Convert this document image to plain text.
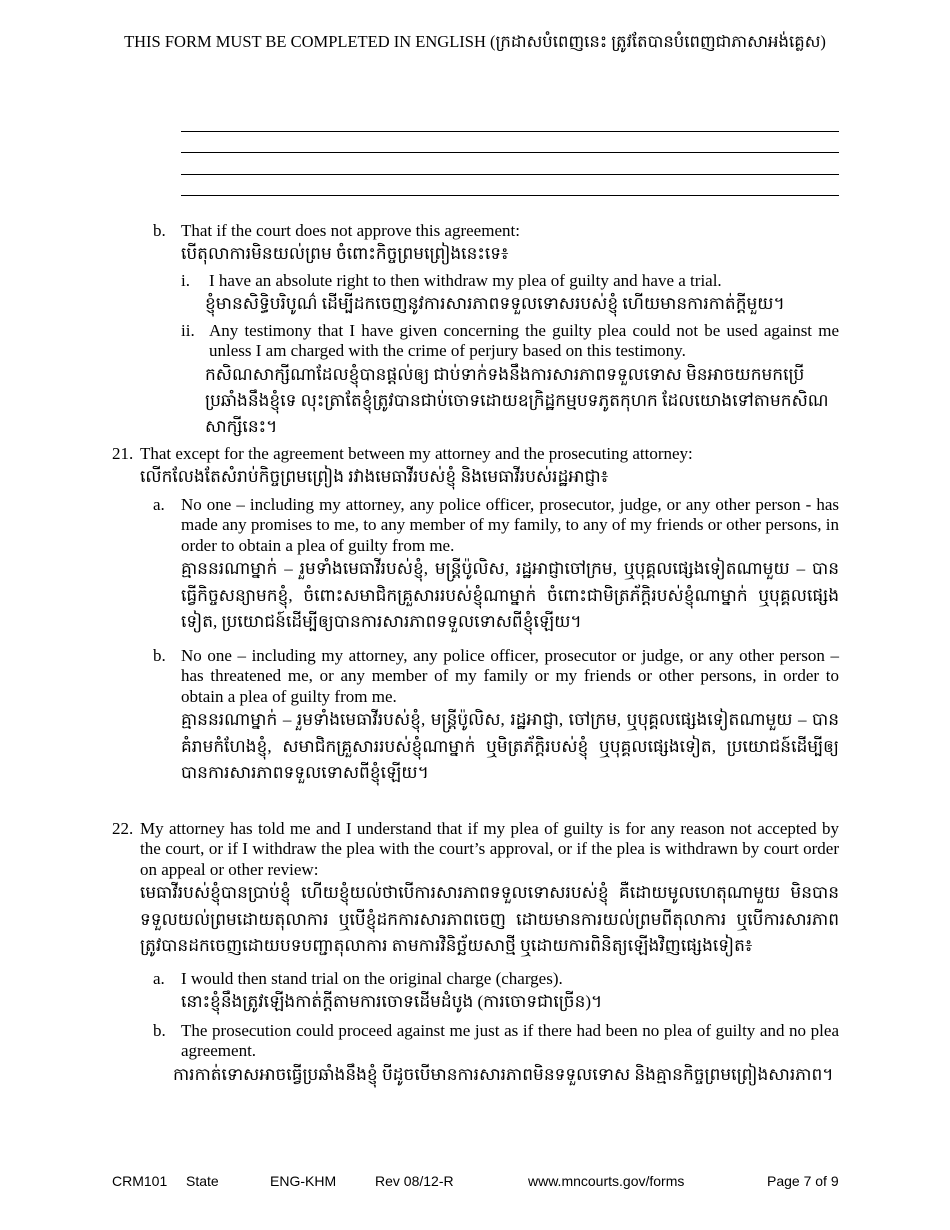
THIS FORM MUST BE COMPLETED IN ENGLISH (ក្រដាសបំពេញនេះ ត្រូវតែបានបំពេញជាភាសាអង់គ្លេស)
b. That if the court does not approve this agreement:
បើតុលាការមិនយល់ព្រម ចំពោះកិច្ចព្រមព្រៀងនេះទេ៖
i. I have an absolute right to then withdraw my plea of guilty and have a trial.
ខ្ញុំមានសិទ្ធិបរិបូណ៌ ដើម្បីដកចេញនូវការសារភាពទទួលទោសរបស់ខ្ញុំ ហើយមានការកាត់ក្តីមួយ។
ii. Any testimony that I have given concerning the guilty plea could not be used against me unless I am charged with the crime of perjury based on this testimony.
កសិណសាក្សីណាដែលខ្ញុំបានផ្តល់ឲ្យ ជាប់ទាក់ទងនឹងការសារភាពទទួលទោស មិនអាចយកមកប្រើប្រឆាំងនឹងខ្ញុំទេ លុះត្រាតែខ្ញុំត្រូវបានជាប់ចោទដោយឧក្រិដ្ឋកម្មបទភូតកុហក ដែលយោងទៅតាមកសិណសាក្សីនេះ។
21. That except for the agreement between my attorney and the prosecuting attorney:
លើកលែងតែសំរាប់កិច្ចព្រមព្រៀង រវាងមេធាវីរបស់ខ្ញុំ និងមេធាវីរបស់រដ្ឋអាជ្ញា៖
a. No one – including my attorney, any police officer, prosecutor, judge, or any other person - has made any promises to me, to any member of my family, to any of my friends or other persons, in order to obtain a plea of guilty from me.
គ្មាននរណាម្នាក់ – រួមទាំងមេធាវីរបស់ខ្ញុំ, មន្ត្រីប៉ូលិស, រដ្ឋអាជ្ញាចៅក្រម, ឬបុគ្គលផ្សេងទៀតណាមួយ – បាន ធ្វើកិច្ចសន្យាមកខ្ញុំ, ចំពោះសមាជិកគ្រួសាររបស់ខ្ញុំណាម្នាក់ ចំពោះជាមិត្រភ័ក្តិរបស់ខ្ញុំណាម្នាក់ ឬបុគ្គលផ្សេងទៀត, ប្រយោជន៍ដើម្បីឲ្យបានការសារភាពទទួលទោសពីខ្ញុំឡើយ។
b. No one – including my attorney, any police officer, prosecutor or judge, or any other person – has threatened me, or any member of my family or my friends or other persons, in order to obtain a plea of guilty from me.
គ្មាននរណាម្នាក់ – រួមទាំងមេធាវីរបស់ខ្ញុំ, មន្ត្រីប៉ូលិស, រដ្ឋអាជ្ញា, ចៅក្រម, ឬបុគ្គលផ្សេងទៀតណាមួយ – បាន គំរាមកំហែងខ្ញុំ, សមាជិកគ្រួសាររបស់ខ្ញុំណាម្នាក់ ឬមិត្រភ័ក្តិរបស់ខ្ញុំ ឬបុគ្គលផ្សេងទៀត, ប្រយោជន៍ដើម្បីឲ្យបានការសារភាពទទួលទោសពីខ្ញុំឡើយ។
22. My attorney has told me and I understand that if my plea of guilty is for any reason not accepted by the court, or if I withdraw the plea with the court’s approval, or if the plea is withdrawn by court order on appeal or other review:
មេធាវីរបស់ខ្ញុំបានប្រាប់ខ្ញុំ ហើយខ្ញុំយល់ថាបើការសារភាពទទួលទោសរបស់ខ្ញុំ គឺដោយមូលហេតុណាមួយ មិនបានទទួលយល់ព្រមដោយតុលាការ ឬបើខ្ញុំដកការសារភាពចេញ ដោយមានការយល់ព្រមពីតុលាការ ឬបើការសារភាពត្រូវបានដកចេញដោយបទបញ្ជាតុលាការ តាមការវិនិច្ឆ័យសាថ្មី ឬដោយការពិនិត្យឡើងវិញផ្សេងទៀត៖
a. I would then stand trial on the original charge (charges).
នោះខ្ញុំនឹងត្រូវឡើងកាត់ក្តីតាមការចោទដើមដំបូង (ការចោទជាច្រើន)។
b. The prosecution could proceed against me just as if there had been no plea of guilty and no plea agreement.
ការកាត់ទោសអាចធ្វើប្រឆាំងនឹងខ្ញុំ បីដូចបើមានការសារភាពមិនទទួលទោស និងគ្មានកិច្ចព្រមព្រៀងសារភាព។
CRM101 State	ENG-KHM	Rev 08/12-R	www.mncourts.gov/forms	Page 7 of 9
